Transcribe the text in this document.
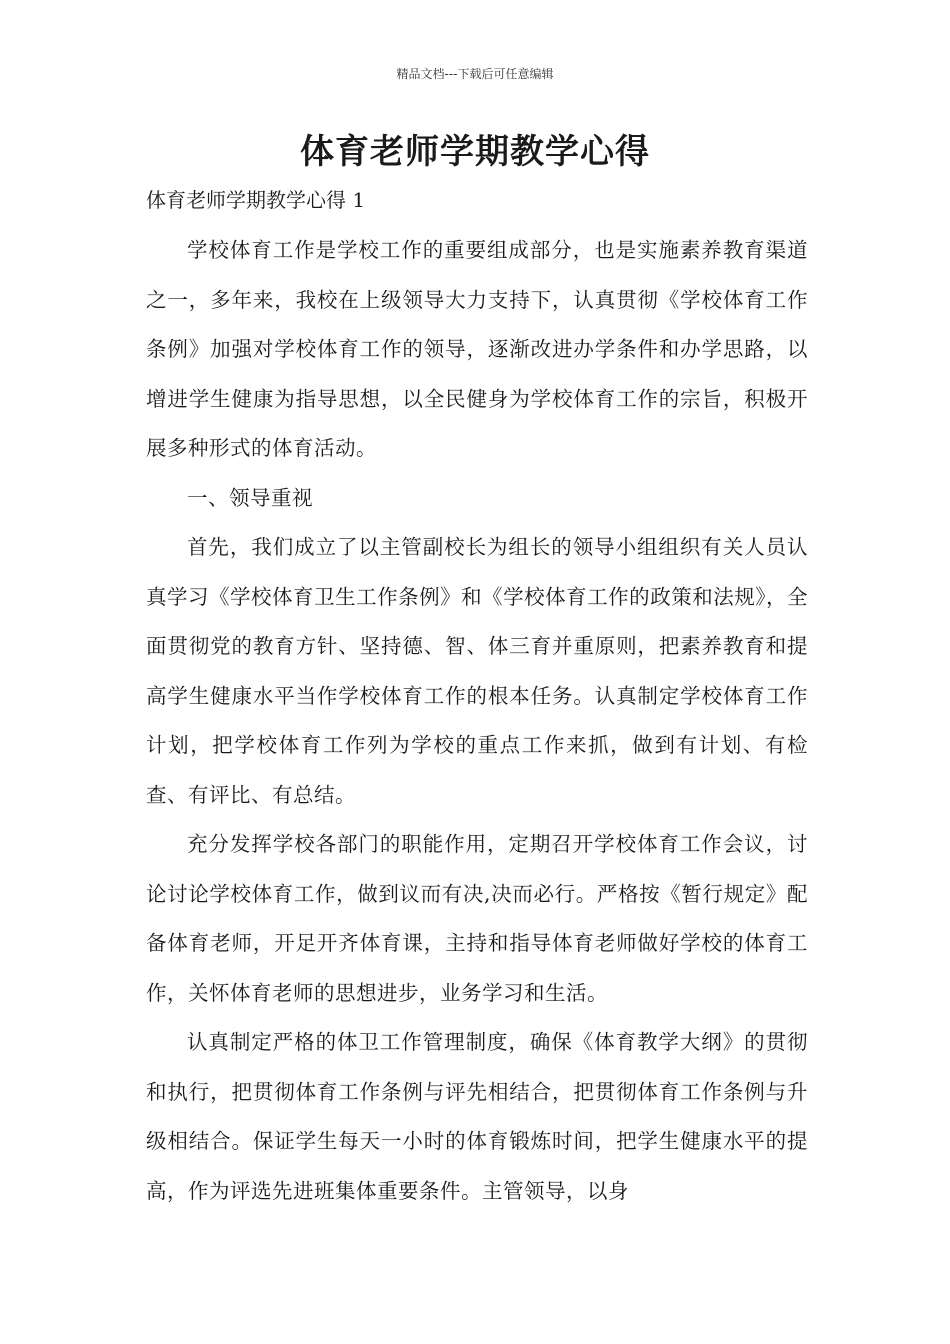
精品文档---下载后可任意编辑
体育老师学期教学心得

体育老师学期教学心得 1

学校体育工作是学校工作的重要组成部分，也是实施素养教育渠道之一，多年来，我校在上级领导大力支持下，认真贯彻《学校体育工作条例》加强对学校体育工作的领导，逐渐改进办学条件和办学思路，以增进学生健康为指导思想，以全民健身为学校体育工作的宗旨，积极开展多种形式的体育活动。

一、领导重视

首先，我们成立了以主管副校长为组长的领导小组组织有关人员认真学习《学校体育卫生工作条例》和《学校体育工作的政策和法规》，全面贯彻党的教育方针、坚持德、智、体三育并重原则，把素养教育和提高学生健康水平当作学校体育工作的根本任务。认真制定学校体育工作计划，把学校体育工作列为学校的重点工作来抓，做到有计划、有检查、有评比、有总结。

充分发挥学校各部门的职能作用，定期召开学校体育工作会议，讨论讨论学校体育工作，做到议而有决,决而必行。严格按《暂行规定》配备体育老师，开足开齐体育课，主持和指导体育老师做好学校的体育工作，关怀体育老师的思想进步，业务学习和生活。

认真制定严格的体卫工作管理制度，确保《体育教学大纲》的贯彻和执行，把贯彻体育工作条例与评先相结合，把贯彻体育工作条例与升级相结合。保证学生每天一小时的体育锻炼时间，把学生健康水平的提高，作为评选先进班集体重要条件。主管领导，以身
